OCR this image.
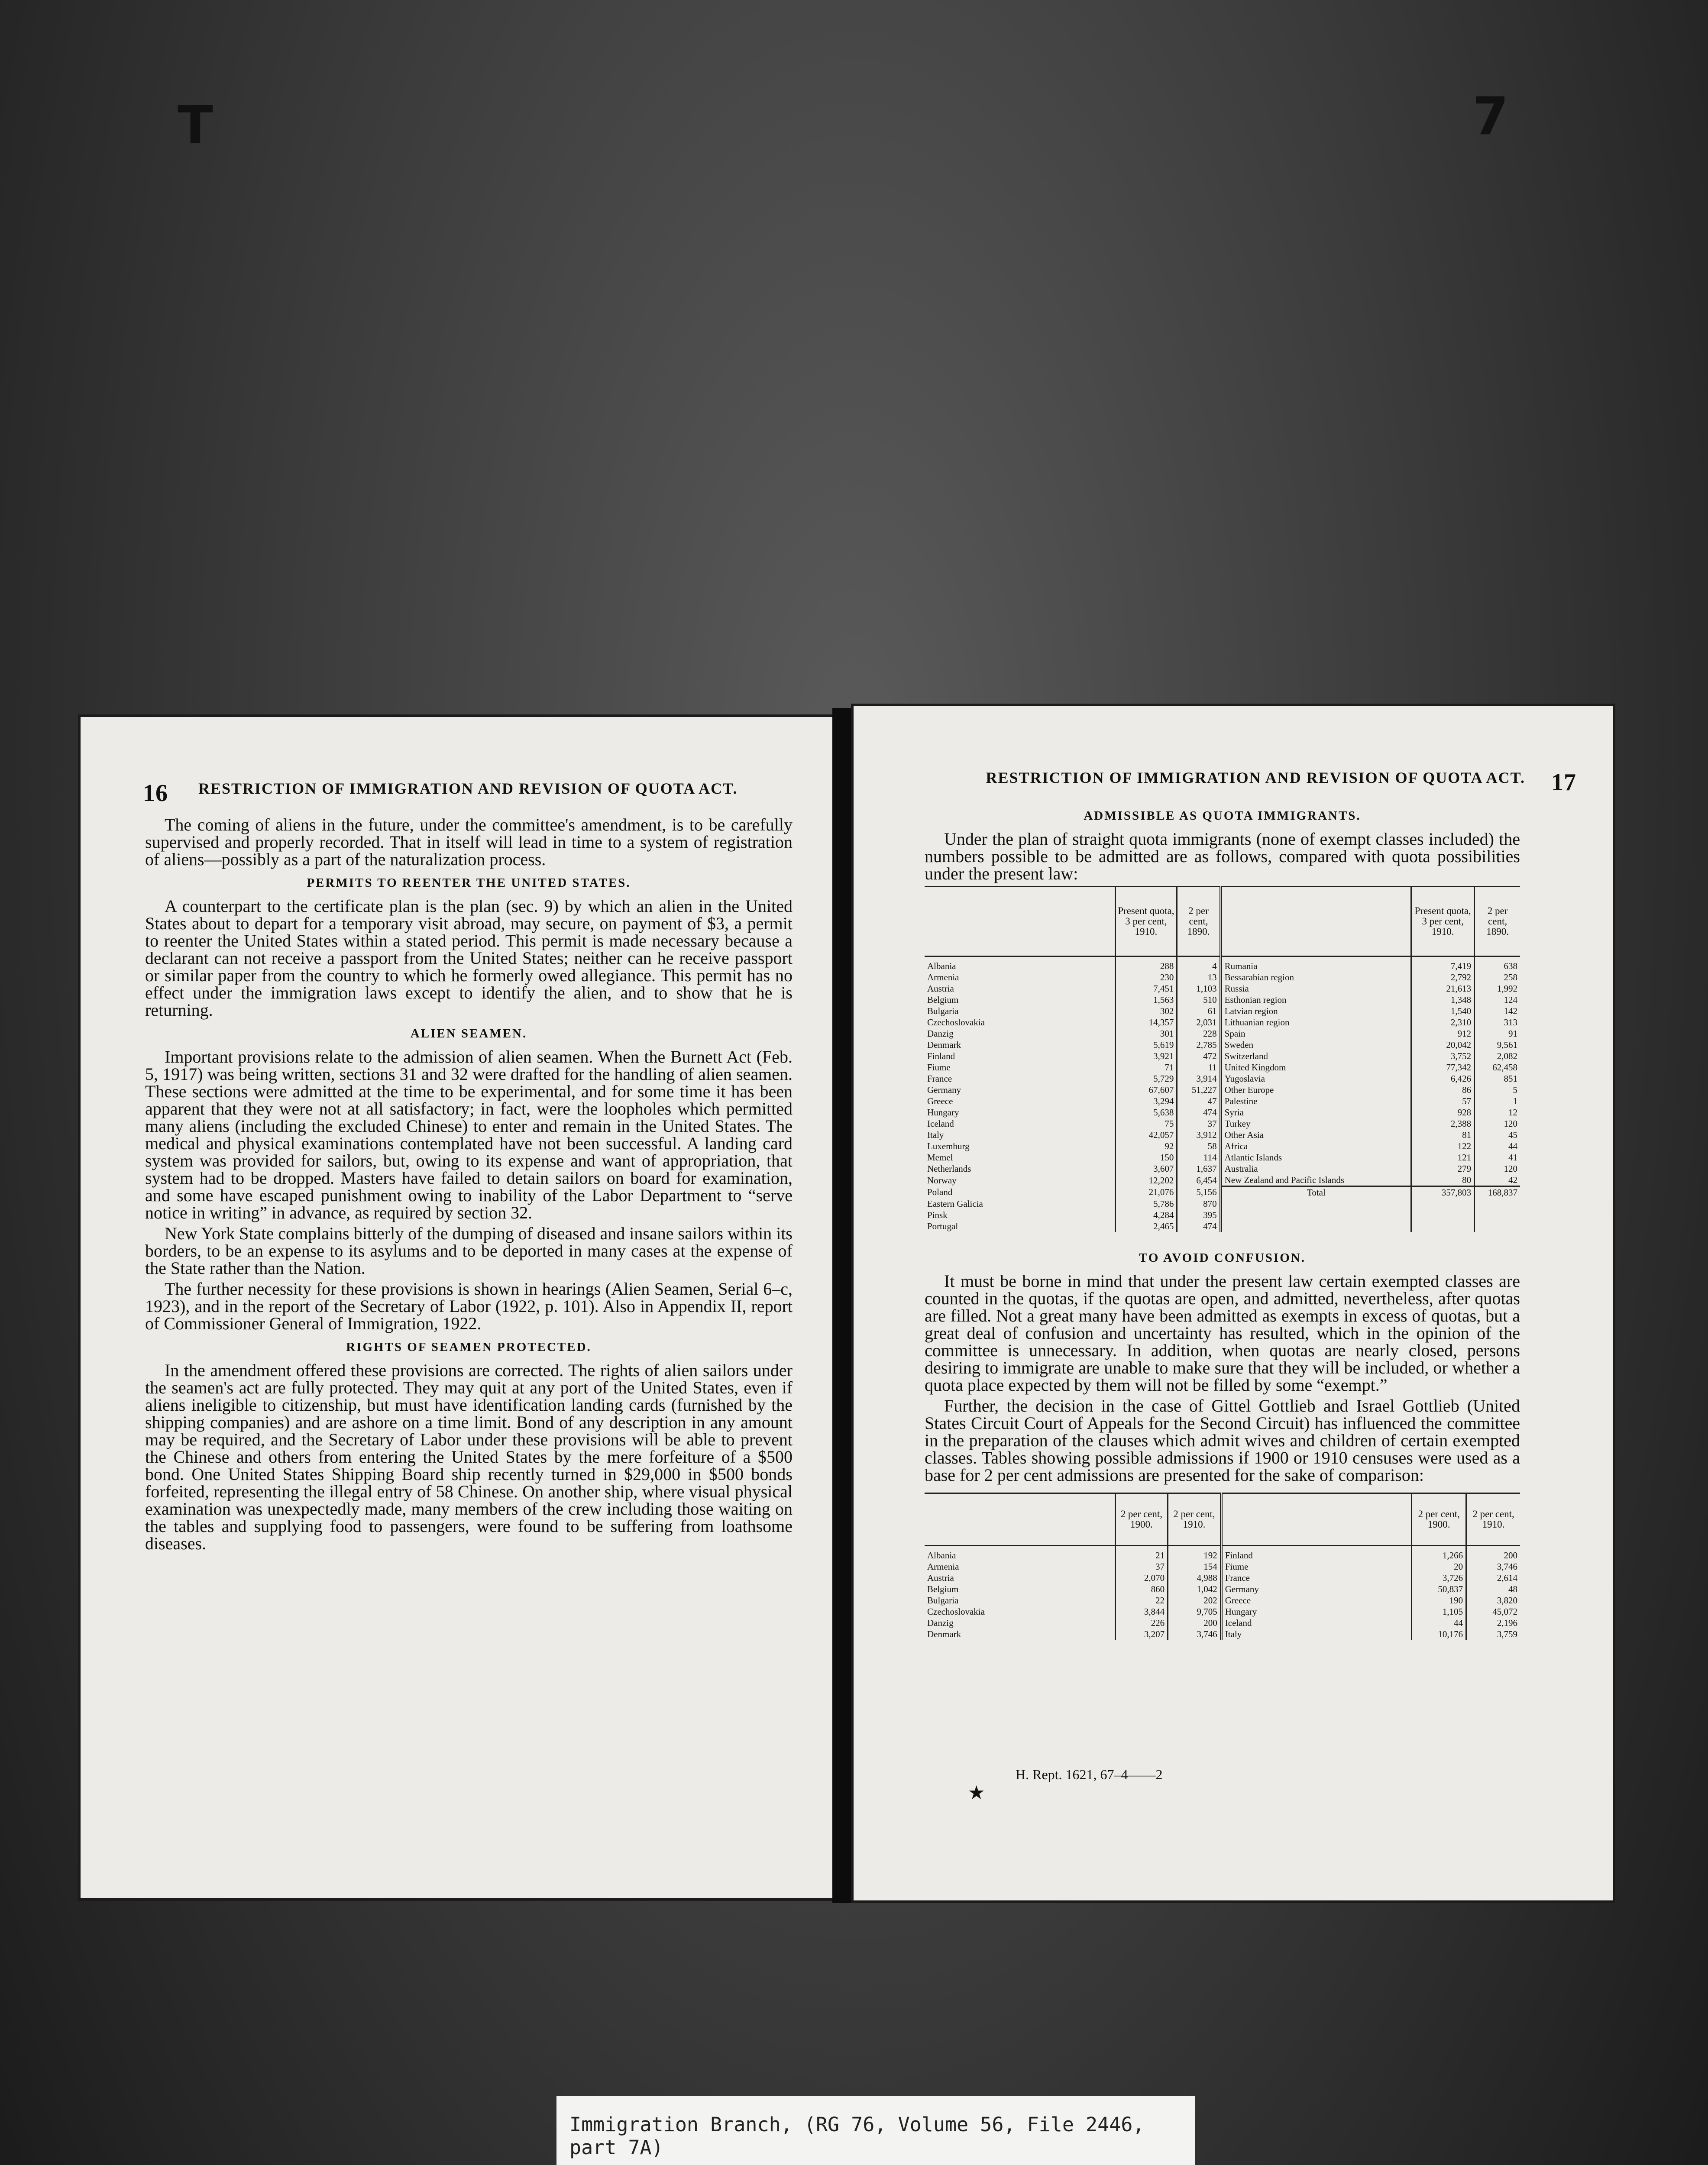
T	7
16 RESTRICTION OF IMMIGRATION AND REVISION OF QUOTA ACT.

The coming of aliens in the future, under the committee's amendment, is to be carefully supervised and properly recorded. That in itself will lead in time to a system of registration of aliens—possibly as a part of the naturalization process.

PERMITS TO REENTER THE UNITED STATES.

A counterpart to the certificate plan is the plan (sec. 9) by which an alien in the United States about to depart for a temporary visit abroad, may secure, on payment of $3, a permit to reenter the United States within a stated period. This permit is made necessary because a declarant can not receive a passport from the United States; neither can he receive passport or similar paper from the country to which he formerly owed allegiance. This permit has no effect under the immigration laws except to identify the alien, and to show that he is returning.

ALIEN SEAMEN.

Important provisions relate to the admission of alien seamen. When the Burnett Act (Feb. 5, 1917) was being written, sections 31 and 32 were drafted for the handling of alien seamen. These sections were admitted at the time to be experimental, and for some time it has been apparent that they were not at all satisfactory; in fact, were the loopholes which permitted many aliens (including the excluded Chinese) to enter and remain in the United States. The medical and physical examinations contemplated have not been successful. A landing card system was provided for sailors, but, owing to its expense and want of appropriation, that system had to be dropped. Masters have failed to detain sailors on board for examination, and some have escaped punishment owing to inability of the Labor Department to “serve notice in writing” in advance, as required by section 32.

New York State complains bitterly of the dumping of diseased and insane sailors within its borders, to be an expense to its asylums and to be deported in many cases at the expense of the State rather than the Nation.

The further necessity for these provisions is shown in hearings (Alien Seamen, Serial 6–c, 1923), and in the report of the Secretary of Labor (1922, p. 101). Also in Appendix II, report of Commissioner General of Immigration, 1922.

RIGHTS OF SEAMEN PROTECTED.

In the amendment offered these provisions are corrected. The rights of alien sailors under the seamen's act are fully protected. They may quit at any port of the United States, even if aliens ineligible to citizenship, but must have identification landing cards (furnished by the shipping companies) and are ashore on a time limit. Bond of any description in any amount may be required, and the Secretary of Labor under these provisions will be able to prevent the Chinese and others from entering the United States by the mere forfeiture of a $500 bond. One United States Shipping Board ship recently turned in $29,000 in $500 bonds forfeited, representing the illegal entry of 58 Chinese. On another ship, where visual physical examination was unexpectedly made, many members of the crew including those waiting on the tables and supplying food to passengers, were found to be suffering from loathsome diseases.

RESTRICTION OF IMMIGRATION AND REVISION OF QUOTA ACT. 17
ADMISSIBLE AS QUOTA IMMIGRANTS.

Under the plan of straight quota immigrants (none of exempt classes included) the numbers possible to be admitted are as follows, compared with quota possibilities under the present law:

	Present quota, 3 per cent, 1910.	2 per cent, 1890.		Present quota, 3 per cent, 1910.	2 per cent, 1890.
Albania	288	4	Rumania	7,419	638
Armenia	230	13	Bessarabian region	2,792	258
Austria	7,451	1,103	Russia	21,613	1,992
Belgium	1,563	510	Esthonian region	1,348	124
Bulgaria	302	61	Latvian region	1,540	142
Czechoslovakia	14,357	2,031	Lithuanian region	2,310	313
Danzig	301	228	Spain	912	91
Denmark	5,619	2,785	Sweden	20,042	9,561
Finland	3,921	472	Switzerland	3,752	2,082
Fiume	71	11	United Kingdom	77,342	62,458
France	5,729	3,914	Yugoslavia	6,426	851
Germany	67,607	51,227	Other Europe	86	5
Greece	3,294	47	Palestine	57	1
Hungary	5,638	474	Syria	928	12
Iceland	75	37	Turkey	2,388	120
Italy	42,057	3,912	Other Asia	81	45
Luxemburg	92	58	Africa	122	44
Memel	150	114	Atlantic Islands	121	41
Netherlands	3,607	1,637	Australia	279	120
Norway	12,202	6,454	New Zealand and Pacific Islands	80	42
Poland	21,076	5,156	Total	357,803	168,837
Eastern Galicia	5,786	870			
Pinsk	4,284	395			
Portugal	2,465	474			
TO AVOID CONFUSION.

It must be borne in mind that under the present law certain exempted classes are counted in the quotas, if the quotas are open, and admitted, nevertheless, after quotas are filled. Not a great many have been admitted as exempts in excess of quotas, but a great deal of confusion and uncertainty has resulted, which in the opinion of the committee is unnecessary. In addition, when quotas are nearly closed, persons desiring to immigrate are unable to make sure that they will be included, or whether a quota place expected by them will not be filled by some “exempt.”

Further, the decision in the case of Gittel Gottlieb and Israel Gottlieb (United States Circuit Court of Appeals for the Second Circuit) has influenced the committee in the preparation of the clauses which admit wives and children of certain exempted classes. Tables showing possible admissions if 1900 or 1910 censuses were used as a base for 2 per cent admissions are presented for the sake of comparison:

	2 per cent, 1900.	2 per cent, 1910.		2 per cent, 1900.	2 per cent, 1910.
Albania	21	192	Finland	1,266	200
Armenia	37	154	Fiume	20	3,746
Austria	2,070	4,988	France	3,726	2,614
Belgium	860	1,042	Germany	50,837	48
Bulgaria	22	202	Greece	190	3,820
Czechoslovakia	3,844	9,705	Hungary	1,105	45,072
Danzig	226	200	Iceland	44	2,196
Denmark	3,207	3,746	Italy	10,176	3,759
★
H. Rept. 1621, 67–4——2
Immigration Branch, (RG 76, Volume 56, File 2446, part 7A)
